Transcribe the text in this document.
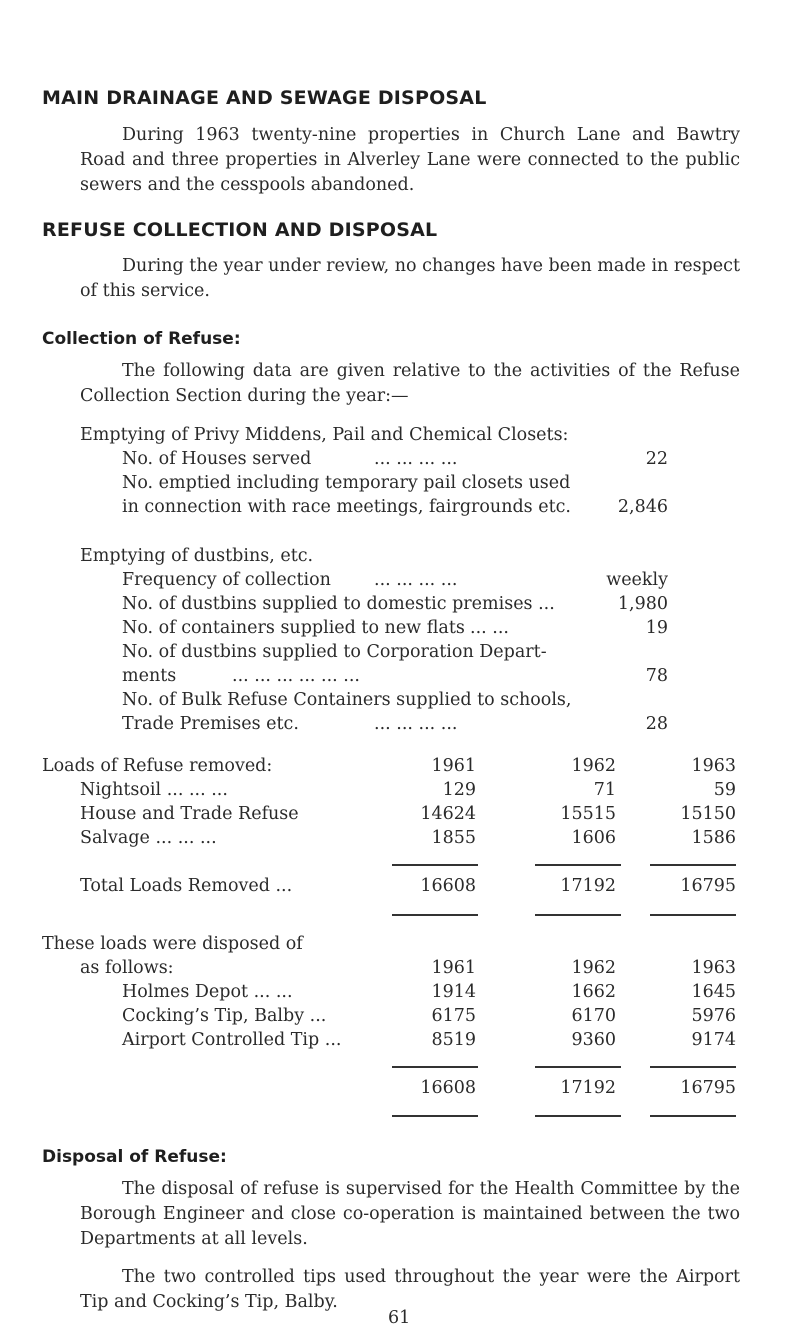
MAIN DRAINAGE AND SEWAGE DISPOSAL
During 1963 twenty-nine properties in Church Lane and Bawtry Road and three properties in Alverley Lane were connected to the public sewers and the cesspools abandoned.
REFUSE COLLECTION AND DISPOSAL
During the year under review, no changes have been made in respect of this service.
Collection of Refuse:
The following data are given relative to the activities of the Refuse Collection Section during the year:—
Emptying of Privy Middens, Pail and Chemical Closets:
No. of Houses served	... ... ... ...	22
No. emptied including temporary pail closets used
in connection with race meetings, fairgrounds etc.	2,846
Emptying of dustbins, etc.
Frequency of collection ... ... ... ...	weekly
No. of dustbins supplied to domestic premises ...	1,980
No. of containers supplied to new flats ... ...	19
No. of dustbins supplied to Corporation Depart-
ments	... ... ... ... ... ...	78
No. of Bulk Refuse Containers supplied to schools,
Trade Premises etc.	... ... ... ...	28
Loads of Refuse removed:	1961	1962	1963
Nightsoil ... ... ...	129	71	59
House and Trade Refuse	14624	15515	15150
Salvage ... ... ...	1855	1606	1586
Total Loads Removed ...	16608	17192	16795
These loads were disposed of
as follows:	1961	1962	1963
Holmes Depot ... ...	1914	1662	1645
Cocking’s Tip, Balby ...	6175	6170	5976
Airport Controlled Tip ...	8519	9360	9174
16608	17192	16795
Disposal of Refuse:
The disposal of refuse is supervised for the Health Committee by the Borough Engineer and close co-operation is maintained between the two Departments at all levels.
The two controlled tips used throughout the year were the Airport Tip and Cocking’s Tip, Balby.
61
